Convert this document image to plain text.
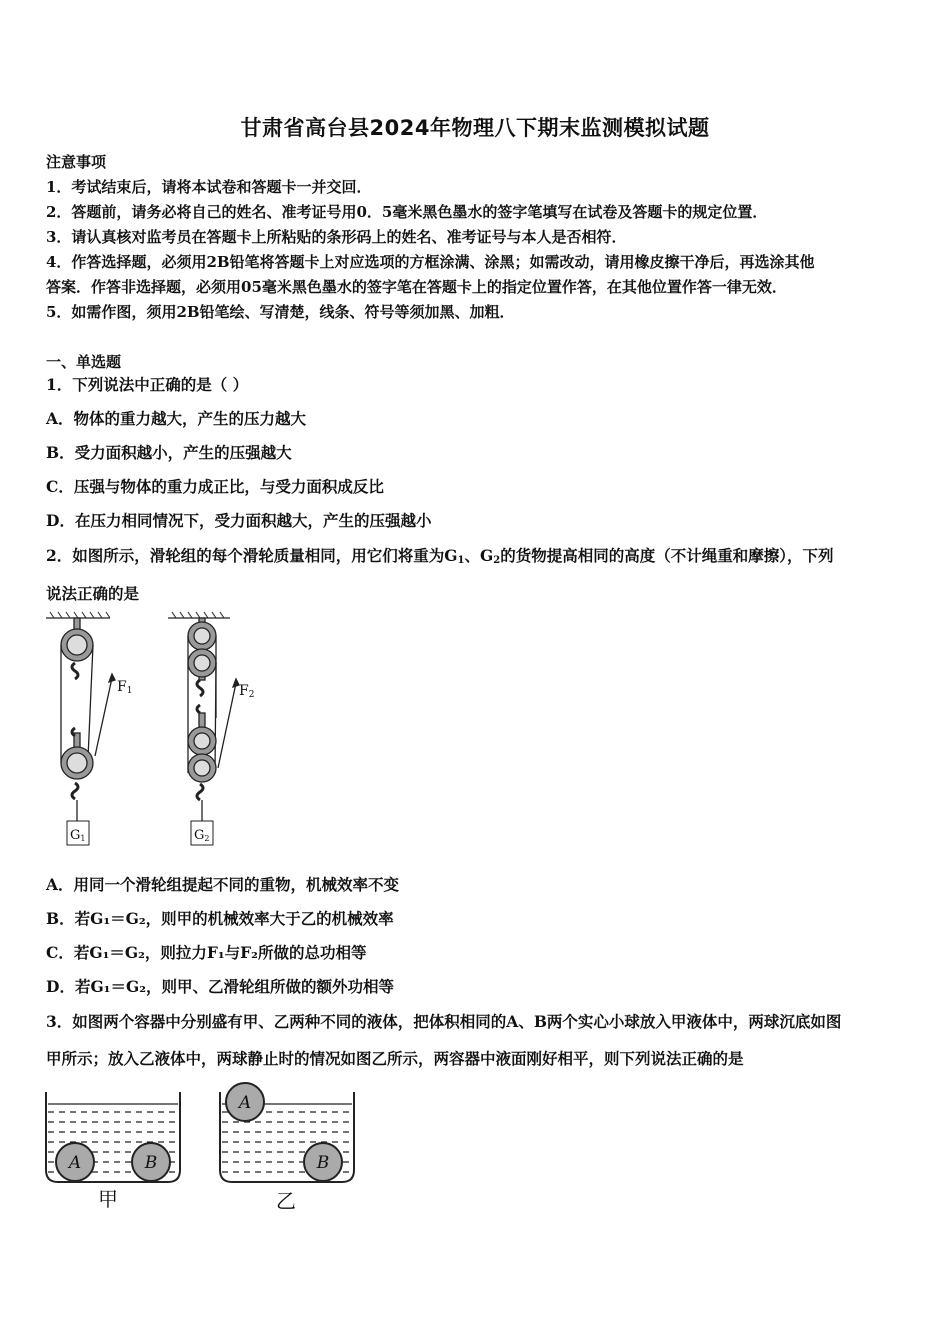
甘肃省高台县2024年物理八下期末监测模拟试题
注意事项
1．考试结束后，请将本试卷和答题卡一并交回．
2．答题前，请务必将自己的姓名、准考证号用0．5毫米黑色墨水的签字笔填写在试卷及答题卡的规定位置．
3．请认真核对监考员在答题卡上所粘贴的条形码上的姓名、准考证号与本人是否相符．
4．作答选择题，必须用2B铅笔将答题卡上对应选项的方框涂满、涂黑；如需改动，请用橡皮擦干净后，再选涂其他
答案．作答非选择题，必须用05毫米黑色墨水的签字笔在答题卡上的指定位置作答，在其他位置作答一律无效．
5．如需作图，须用2B铅笔绘、写清楚，线条、符号等须加黑、加粗．
一、单选题
1．下列说法中正确的是（ ）
A．物体的重力越大，产生的压力越大
B．受力面积越小，产生的压强越大
C．压强与物体的重力成正比，与受力面积成反比
D．在压力相同情况下，受力面积越大，产生的压强越小
2．如图所示，滑轮组的每个滑轮质量相同，用它们将重为$G_1$、$G_2$的货物提高相同的高度（不计绳重和摩擦），下列
说法正确的是
F1	F2
G1	G2
A．用同一个滑轮组提起不同的重物，机械效率不变
B．若G₁＝G₂，则甲的机械效率大于乙的机械效率
C．若G₁＝G₂，则拉力F₁与F₂所做的总功相等
D．若G₁＝G₂，则甲、乙滑轮组所做的额外功相等
3．如图两个容器中分别盛有甲、乙两种不同的液体，把体积相同的A、B两个实心小球放入甲液体中，两球沉底如图
甲所示；放入乙液体中，两球静止时的情况如图乙所示，两容器中液面刚好相平，则下列说法正确的是
A	B
A
B
甲	乙
